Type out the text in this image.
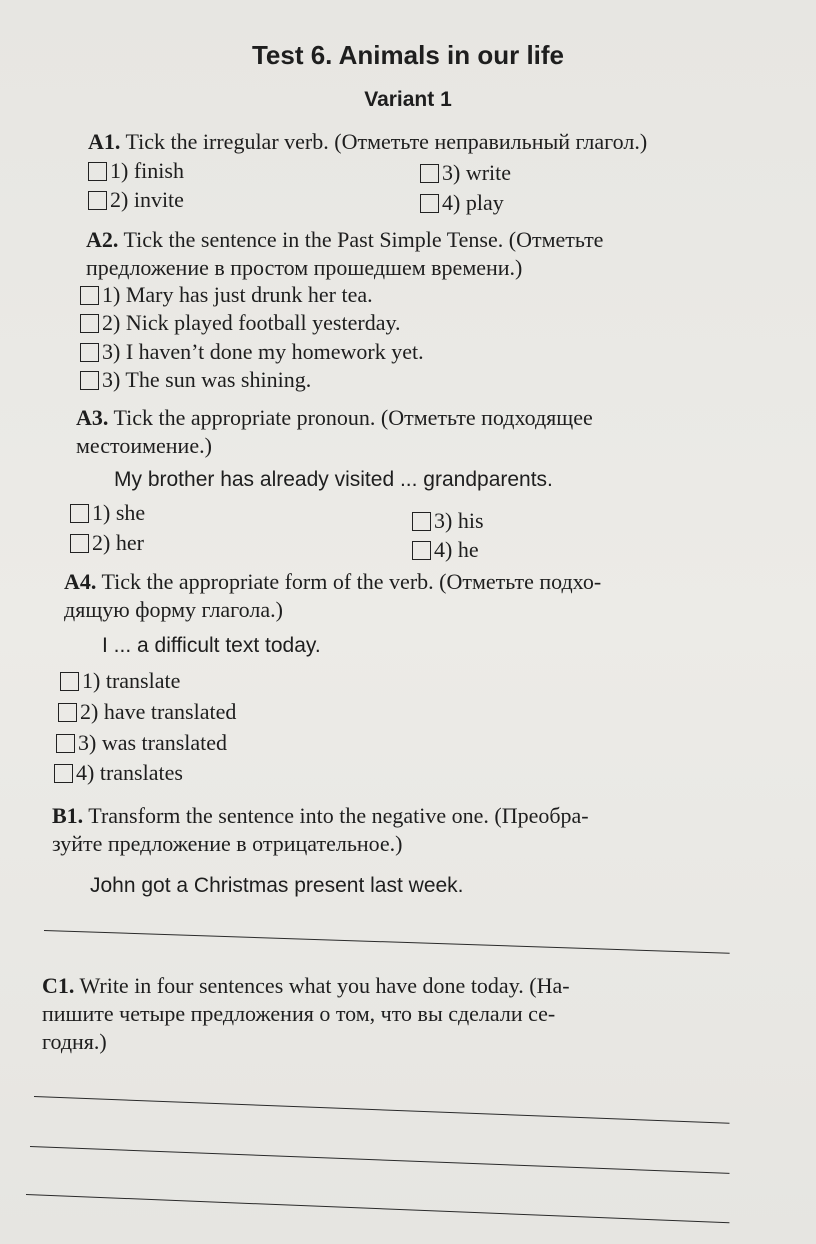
Test 6. Animals in our life
Variant 1
A1. Tick the irregular verb. (Отметьте неправильный глагол.)
1) finish
2) invite
3) write
4) play
A2. Tick the sentence in the Past Simple Tense. (Отметьте
предложение в простом прошедшем времени.)
1) Mary has just drunk her tea.
2) Nick played football yesterday.
3) I haven’t done my homework yet.
3) The sun was shining.
A3. Tick the appropriate pronoun. (Отметьте подходящее
местоимение.)
My brother has already visited ... grandparents.
1) she
2) her
3) his
4) he
A4. Tick the appropriate form of the verb. (Отметьте подхо-
дящую форму глагола.)
I ... a difficult text today.
1) translate
2) have translated
3) was translated
4) translates
B1. Transform the sentence into the negative one. (Преобра-
зуйте предложение в отрицательное.)
John got a Christmas present last week.
C1. Write in four sentences what you have done today. (На-
пишите четыре предложения о том, что вы сделали се-
годня.)
